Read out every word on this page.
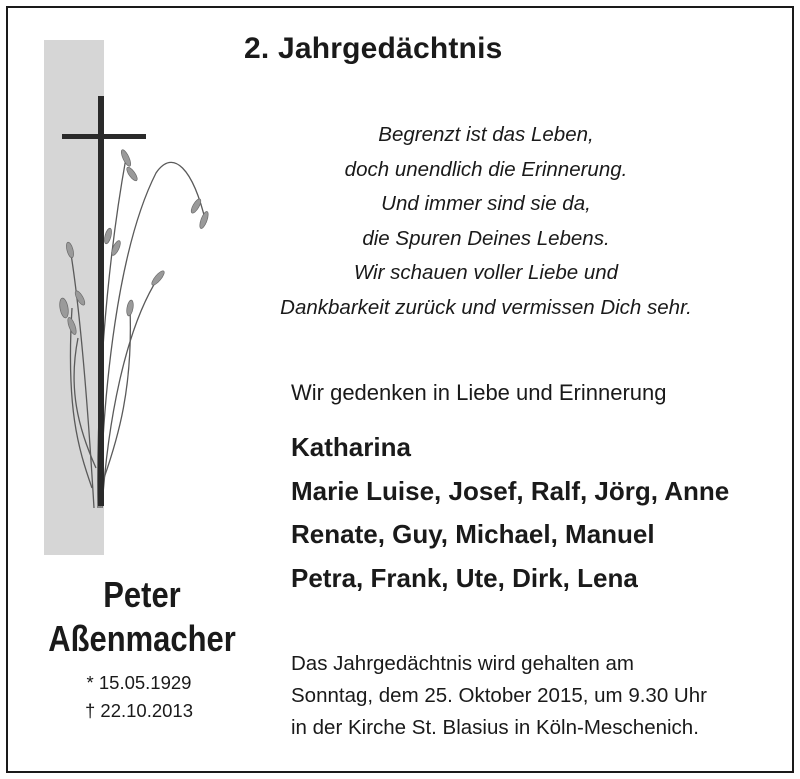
2. Jahrgedächtnis
Begrenzt ist das Leben,
doch unendlich die Erinnerung.
Und immer sind sie da,
die Spuren Deines Lebens.
Wir schauen voller Liebe und
Dankbarkeit zurück und vermissen Dich sehr.
Wir gedenken in Liebe und Erinnerung
Katharina
Marie Luise, Josef, Ralf, Jörg, Anne
Renate, Guy, Michael, Manuel
Petra, Frank, Ute, Dirk, Lena
Peter
Aßenmacher
* 15.05.1929
† 22.10.2013
Das Jahrgedächtnis wird gehalten am
Sonntag, dem 25. Oktober 2015, um 9.30 Uhr
in der Kirche St. Blasius in Köln-Meschenich.
